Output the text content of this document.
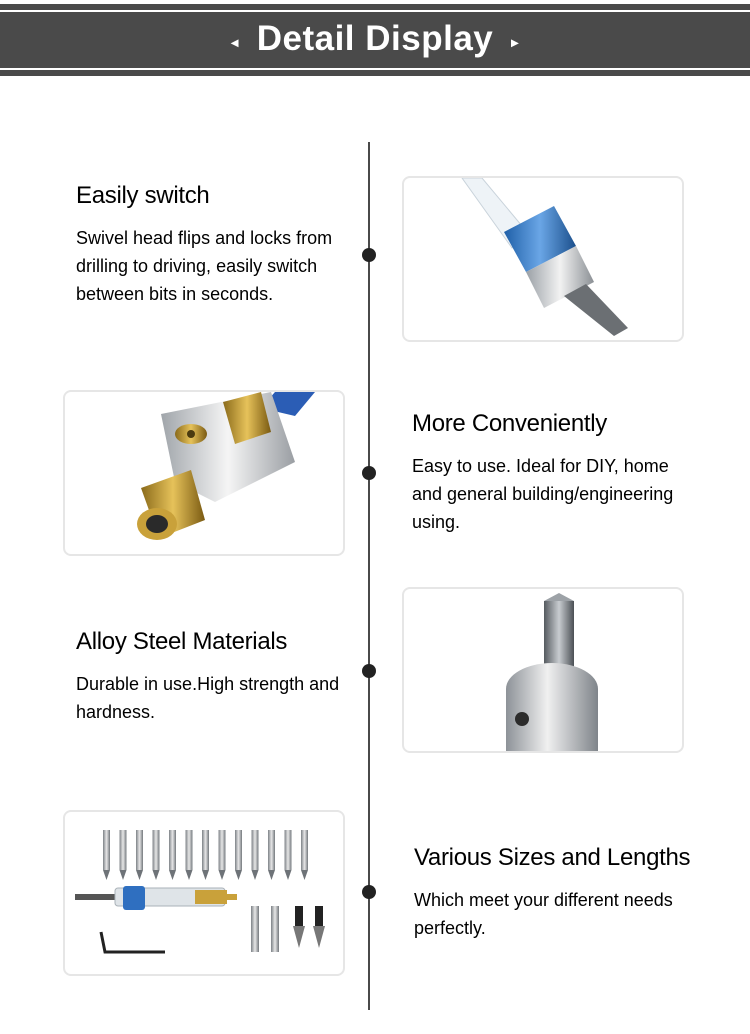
◂ Detail Display ▸
Easily switch

Swivel head flips and locks from drilling to driving, easily switch between bits in seconds.

More Conveniently

Easy to use. Ideal for DIY, home and general building/engineering using.

Alloy Steel Materials

Durable in use.High strength and hardness.

Various Sizes and Lengths

Which meet your different needs perfectly.
